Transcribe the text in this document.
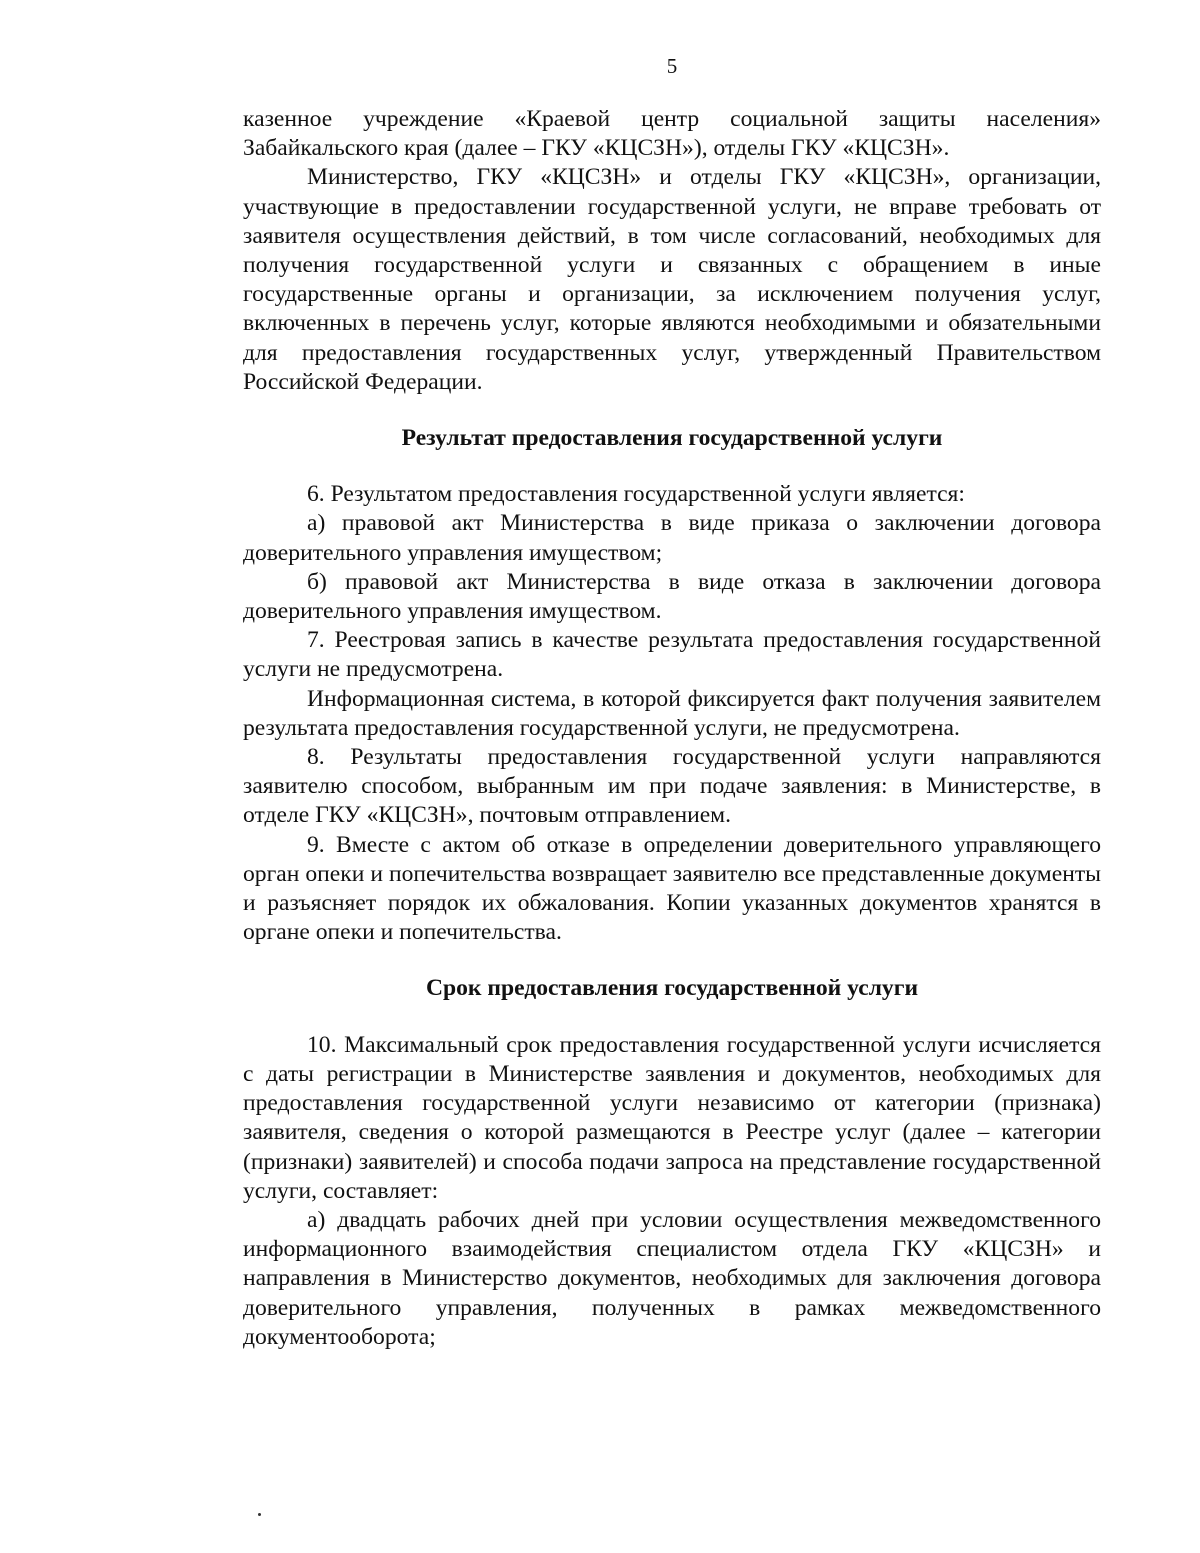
5

казенное учреждение «Краевой центр социальной защиты населения» Забайкальского края (далее – ГКУ «КЦСЗН»), отделы ГКУ «КЦСЗН».

Министерство, ГКУ «КЦСЗН» и отделы ГКУ «КЦСЗН», организации, участвующие в предоставлении государственной услуги, не вправе требовать от заявителя осуществления действий, в том числе согласований, необходимых для получения государственной услуги и связанных с обращением в иные государственные органы и организации, за исключением получения услуг, включенных в перечень услуг, которые являются необходимыми и обязательными для предоставления государственных услуг, утвержденный Правительством Российской Федерации.

Результат предоставления государственной услуги

6. Результатом предоставления государственной услуги является:

а) правовой акт Министерства в виде приказа о заключении договора доверительного управления имуществом;

б) правовой акт Министерства в виде отказа в заключении договора доверительного управления имуществом.

7. Реестровая запись в качестве результата предоставления государственной услуги не предусмотрена.

Информационная система, в которой фиксируется факт получения заявителем результата предоставления государственной услуги, не предусмотрена.

8. Результаты предоставления государственной услуги направляются заявителю способом, выбранным им при подаче заявления: в Министерстве, в отделе ГКУ «КЦСЗН», почтовым отправлением.

9. Вместе с актом об отказе в определении доверительного управляющего орган опеки и попечительства возвращает заявителю все представленные документы и разъясняет порядок их обжалования. Копии указанных документов хранятся в органе опеки и попечительства.

Срок предоставления государственной услуги

10. Максимальный срок предоставления государственной услуги исчисляется с даты регистрации в Министерстве заявления и документов, необходимых для предоставления государственной услуги независимо от категории (признака) заявителя, сведения о которой размещаются в Реестре услуг (далее – категории (признаки) заявителей) и способа подачи запроса на представление государственной услуги, составляет:

а) двадцать рабочих дней при условии осуществления межведомственного информационного взаимодействия специалистом отдела ГКУ «КЦСЗН» и направления в Министерство документов, необходимых для заключения договора доверительного управления, полученных в рамках межведомственного документооборота;
